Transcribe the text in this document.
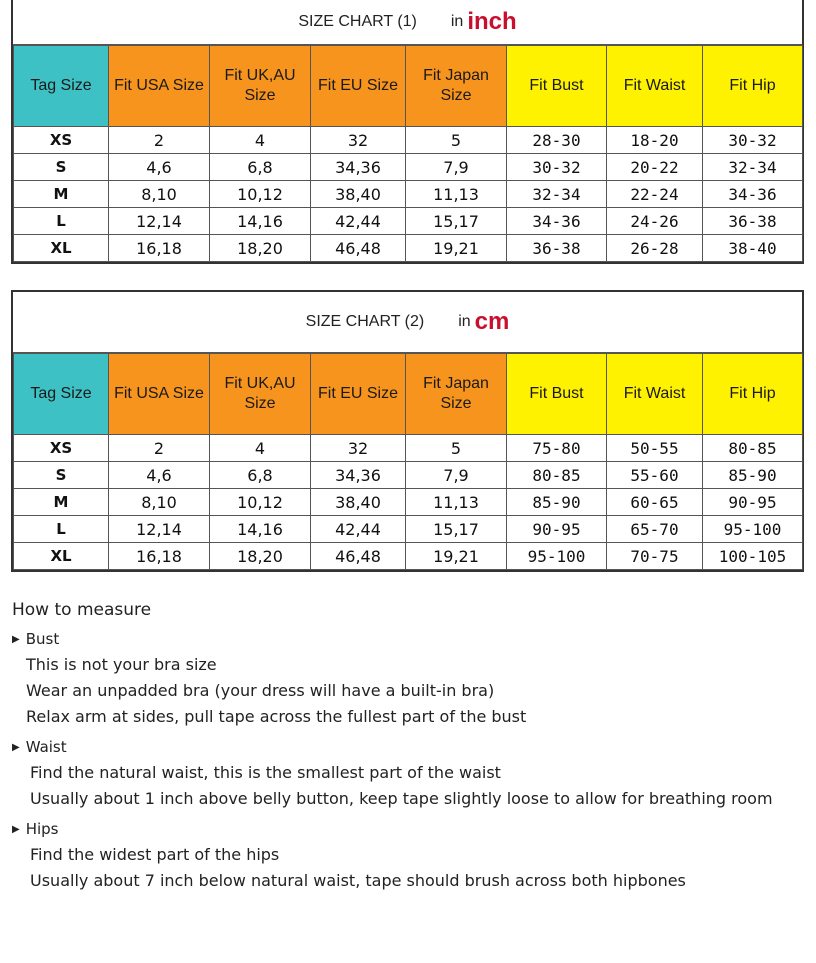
SIZE CHART (1) in inch
Tag Size	Fit USA Size	Fit UK,AU Size	Fit EU Size	Fit Japan Size	Fit Bust	Fit Waist	Fit Hip
XS	2	4	32	5	28-30	18-20	30-32
S	4,6	6,8	34,36	7,9	30-32	20-22	32-34
M	8,10	10,12	38,40	11,13	32-34	22-24	34-36
L	12,14	14,16	42,44	15,17	34-36	24-26	36-38
XL	16,18	18,20	46,48	19,21	36-38	26-28	38-40
SIZE CHART (2) in cm
Tag Size	Fit USA Size	Fit UK,AU Size	Fit EU Size	Fit Japan Size	Fit Bust	Fit Waist	Fit Hip
XS	2	4	32	5	75-80	50-55	80-85
S	4,6	6,8	34,36	7,9	80-85	55-60	85-90
M	8,10	10,12	38,40	11,13	85-90	60-65	90-95
L	12,14	14,16	42,44	15,17	90-95	65-70	95-100
XL	16,18	18,20	46,48	19,21	95-100	70-75	100-105
How to measure
▶ Bust
This is not your bra size
Wear an unpadded bra (your dress will have a built-in bra)
Relax arm at sides, pull tape across the fullest part of the bust
▶ Waist
Find the natural waist, this is the smallest part of the waist
Usually about 1 inch above belly button, keep tape slightly loose to allow for breathing room
▶ Hips
Find the widest part of the hips
Usually about 7 inch below natural waist, tape should brush across both hipbones
